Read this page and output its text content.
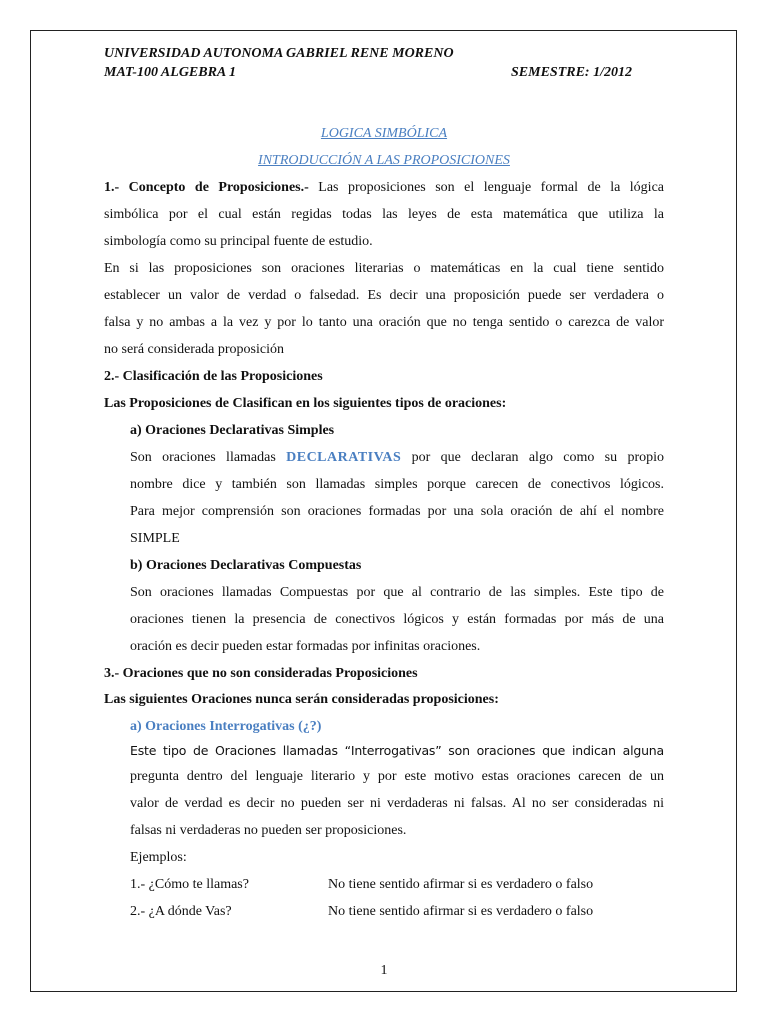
UNIVERSIDAD AUTONOMA GABRIEL RENE MORENO
MAT-100 ALGEBRA 1	SEMESTRE: 1/2012
LOGICA SIMBÓLICA
INTRODUCCIÓN A LAS PROPOSICIONES
1.- Concepto de Proposiciones.- Las proposiciones son el lenguaje formal de la lógica
simbólica por el cual están regidas todas las leyes de esta matemática que utiliza la
simbología como su principal fuente de estudio.
En si las proposiciones son oraciones literarias o matemáticas en la cual tiene sentido
establecer un valor de verdad o falsedad. Es decir una proposición puede ser verdadera o
falsa y no ambas a la vez y por lo tanto una oración que no tenga sentido o carezca de valor
no será considerada proposición
2.- Clasificación de las Proposiciones
Las Proposiciones de Clasifican en los siguientes tipos de oraciones:
a) Oraciones Declarativas Simples
Son oraciones llamadas DECLARATIVAS por que declaran algo como su propio
nombre dice y también son llamadas simples porque carecen de conectivos lógicos.
Para mejor comprensión son oraciones formadas por una sola oración de ahí el nombre
SIMPLE
b) Oraciones Declarativas Compuestas
Son oraciones llamadas Compuestas por que al contrario de las simples. Este tipo de
oraciones tienen la presencia de conectivos lógicos y están formadas por más de una
oración es decir pueden estar formadas por infinitas oraciones.
3.- Oraciones que no son consideradas Proposiciones
Las siguientes Oraciones nunca serán consideradas proposiciones:
a) Oraciones Interrogativas (¿?)
Este tipo de Oraciones llamadas “Interrogativas” son oraciones que indican alguna
pregunta dentro del lenguaje literario y por este motivo estas oraciones carecen de un
valor de verdad es decir no pueden ser ni verdaderas ni falsas. Al no ser consideradas ni
falsas ni verdaderas no pueden ser proposiciones.
Ejemplos:
1.- ¿Cómo te llamas?	No tiene sentido afirmar si es verdadero o falso
2.- ¿A dónde Vas?	No tiene sentido afirmar si es verdadero o falso
1
